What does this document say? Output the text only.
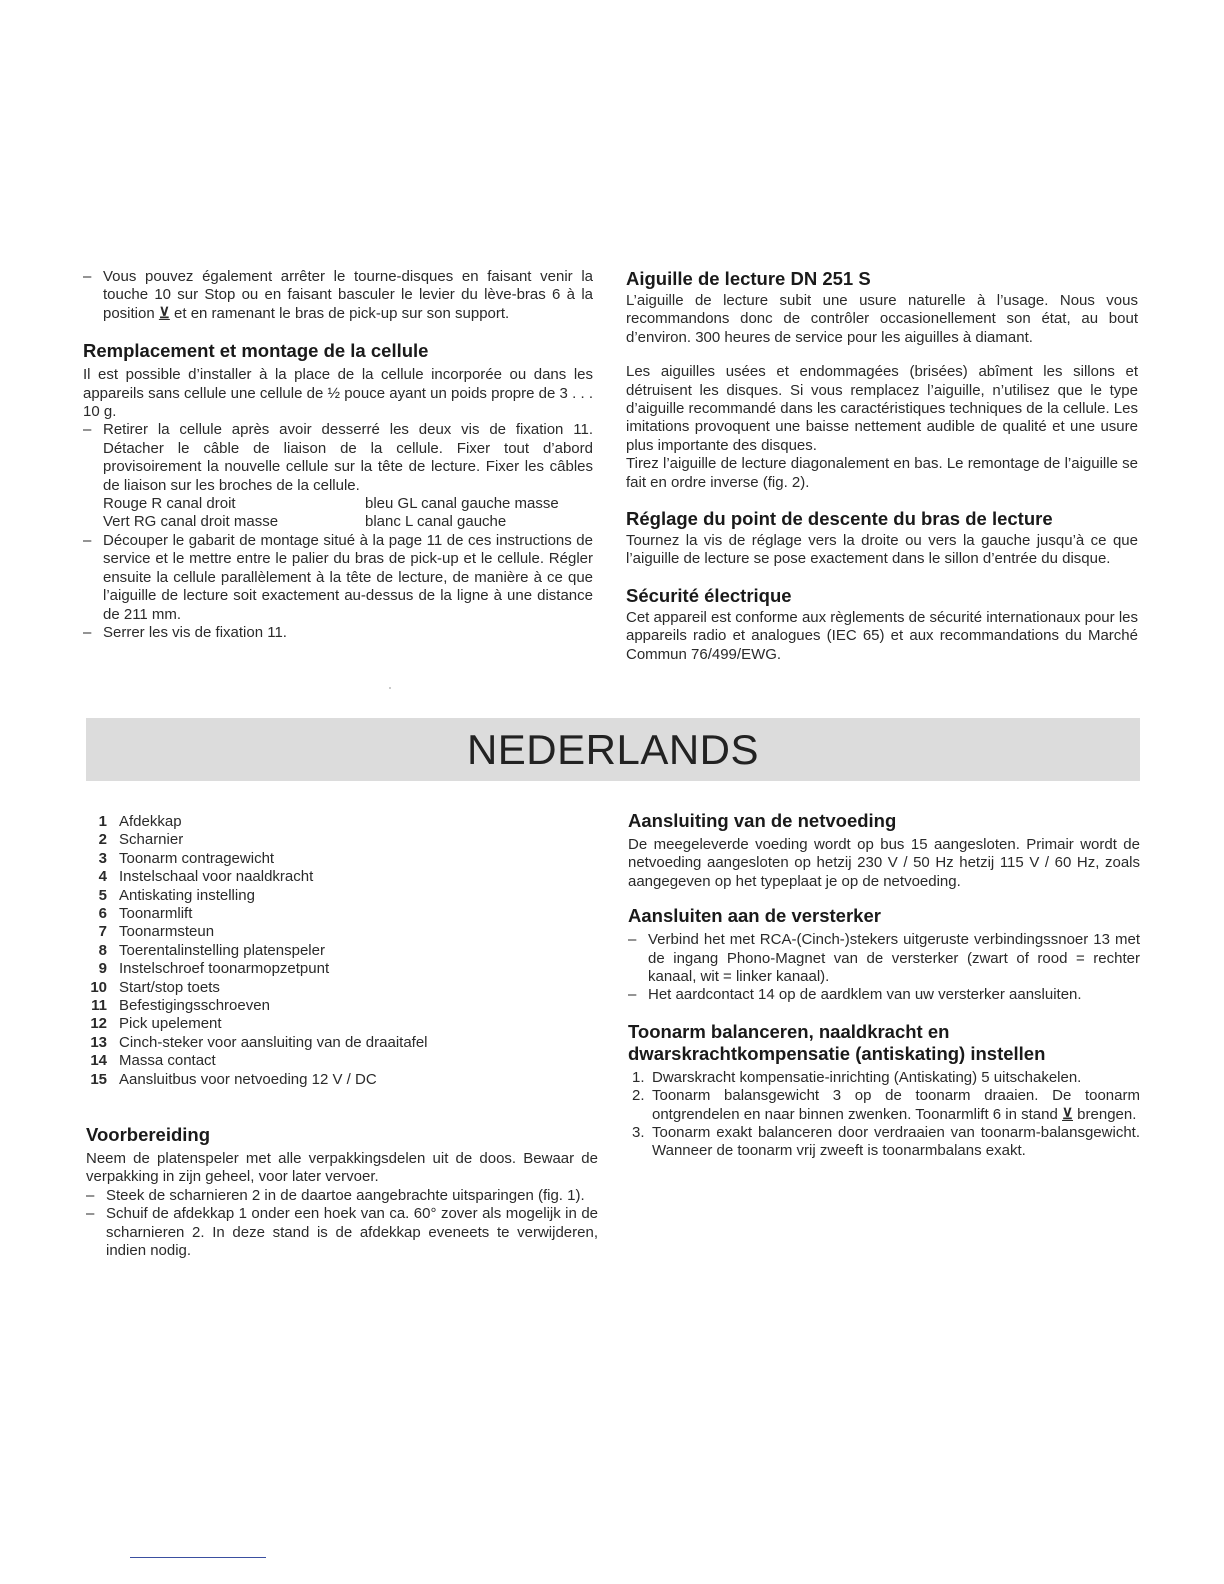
– Vous pouvez également arrêter le tourne-disques en faisant venir la touche 10 sur Stop ou en faisant basculer le levier du lève-bras 6 à la position ⊻ et en ramenant le bras de pick-up sur son support.

Remplacement et montage de la cellule

Il est possible d’installer à la place de la cellule incorporée ou dans les appareils sans cellule une cellule de ½ pouce ayant un poids propre de 3 . . . 10 g.

– Retirer la cellule après avoir desserré les deux vis de fixation 11. Détacher le câble de liaison de la cellule. Fixer tout d’abord provisoirement la nouvelle cellule sur la tête de lecture. Fixer les câbles de liaison sur les broches de la cellule.

Rouge R canal droit	bleu GL canal gauche masse
Vert RG canal droit masse	blanc L canal gauche

– Découper le gabarit de montage situé à la page 11 de ces instructions de service et le mettre entre le palier du bras de pick-up et le cellule. Régler ensuite la cellule parallèlement à la tête de lecture, de manière à ce que l’aiguille de lecture soit exactement au-dessus de la ligne à une distance de 211 mm.

– Serrer les vis de fixation 11.

Aiguille de lecture DN 251 S

L’aiguille de lecture subit une usure naturelle à l’usage. Nous vous recommandons donc de contrôler occasionellement son état, au bout d’environ. 300 heures de service pour les aiguilles à diamant.

Les aiguilles usées et endommagées (brisées) abîment les sillons et détruisent les disques. Si vous remplacez l’aiguille, n’utilisez que le type d’aiguille recommandé dans les caractéristiques techniques de la cellule. Les imitations provoquent une baisse nettement audible de qualité et une usure plus importante des disques.

Tirez l’aiguille de lecture diagonalement en bas. Le remontage de l’aiguille se fait en ordre inverse (fig. 2).

Réglage du point de descente du bras de lecture

Tournez la vis de réglage vers la droite ou vers la gauche jusqu’à ce que l’aiguille de lecture se pose exactement dans le sillon d’entrée du disque.

Sécurité électrique

Cet appareil est conforme aux règlements de sécurité internationaux pour les appareils radio et analogues (IEC 65) et aux recommandations du Marché Commun 76/499/EWG.

NEDERLANDS
1 Afdekkap
2 Scharnier
3 Toonarm contragewicht
4 Instelschaal voor naaldkracht
5 Antiskating instelling
6 Toonarmlift
7 Toonarmsteun
8 Toerentalinstelling platenspeler
9 Instelschroef toonarmopzetpunt
10 Start/stop toets
11 Befestigingsschroeven
12 Pick upelement
13 Cinch-steker voor aansluiting van de draaitafel
14 Massa contact
15 Aansluitbus voor netvoeding 12 V / DC
Voorbereiding

Neem de platenspeler met alle verpakkingsdelen uit de doos. Bewaar de verpakking in zijn geheel, voor later vervoer.

– Steek de scharnieren 2 in de daartoe aangebrachte uitsparingen (fig. 1).

– Schuif de afdekkap 1 onder een hoek van ca. 60° zover als mogelijk in de scharnieren 2. In deze stand is de afdekkap eveneets te verwijderen, indien nodig.

Aansluiting van de netvoeding

De meegeleverde voeding wordt op bus 15 aangesloten. Primair wordt de netvoeding aangesloten op hetzij 230 V / 50 Hz hetzij 115 V / 60 Hz, zoals aangegeven op het typeplaat je op de netvoeding.

Aansluiten aan de versterker

– Verbind het met RCA-(Cinch-)stekers uitgeruste verbindingssnoer 13 met de ingang Phono-Magnet van de versterker (zwart of rood = rechter kanaal, wit = linker kanaal).

– Het aardcontact 14 op de aardklem van uw versterker aansluiten.

Toonarm balanceren, naaldkracht en
dwarskrachtkompensatie (antiskating) instellen

1. Dwarskracht kompensatie-inrichting (Antiskating) 5 uitschakelen.

2. Toonarm balansgewicht 3 op de toonarm draaien. De toonarm ontgrendelen en naar binnen zwenken. Toonarmlift 6 in stand ⊻ brengen.

3. Toonarm exakt balanceren door verdraaien van toonarm-balansgewicht. Wanneer de toonarm vrij zweeft is toonarmbalans exakt.
